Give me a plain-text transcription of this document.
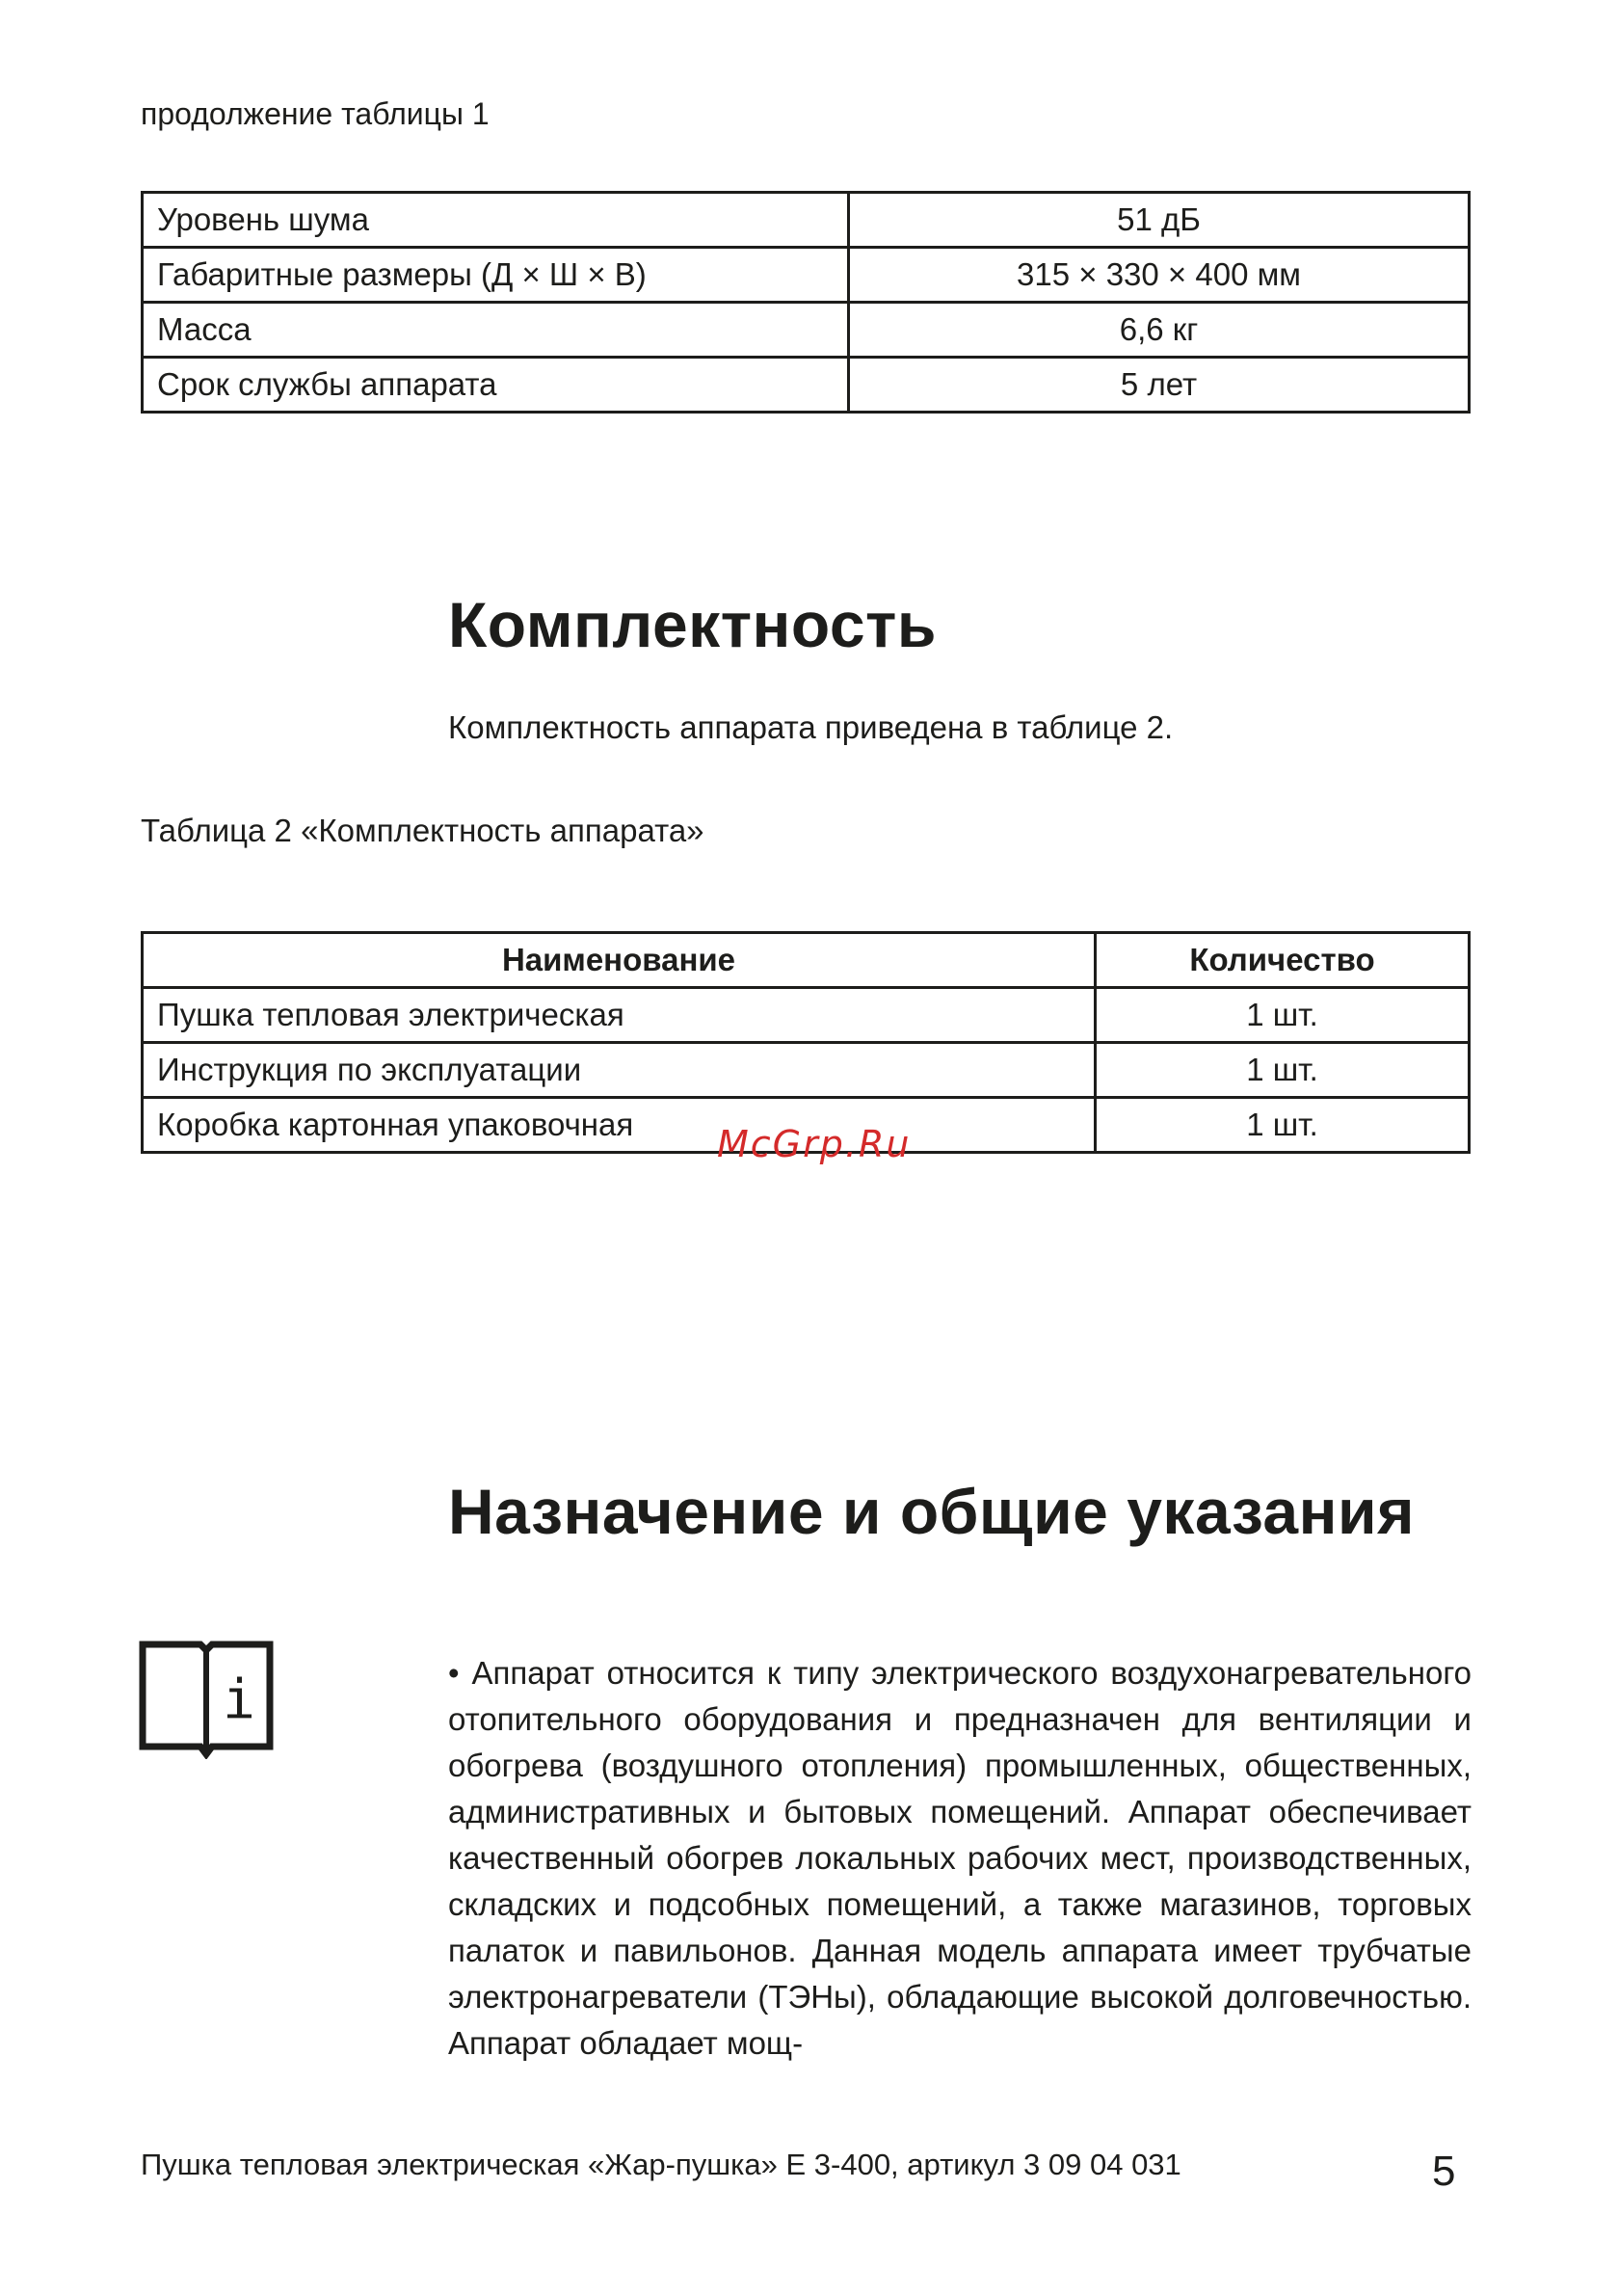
продолжение таблицы 1
Уровень шума	51 дБ
Габаритные размеры (Д × Ш × В)	315 × 330 × 400 мм
Масса	6,6 кг
Срок службы аппарата	5 лет
Комплектность
Комплектность аппарата приведена в таблице 2.
Таблица 2 «Комплектность аппарата»
Наименование	Количество
Пушка тепловая электрическая	1 шт.
Инструкция по эксплуатации	1 шт.
Коробка картонная упаковочная	1 шт.
McGrp.Ru
Назначение и общие указания
i	• Аппарат относится к типу электрического воздухонагревательного отопительного оборудования и предназначен для вентиляции и обогрева (воздушного отопления) промышленных, общественных, административных и бытовых помещений. Аппарат обеспечивает качественный обогрев локальных рабочих мест, производственных, складских и подсобных помещений, а также магазинов, торговых палаток и павильонов. Данная модель аппарата имеет трубчатые электронагреватели (ТЭНы), обладающие высокой долговечностью. Аппарат обладает мощ-
Пушка тепловая электрическая «Жар-пушка» Е 3-400, артикул 3 09 04 031	5
